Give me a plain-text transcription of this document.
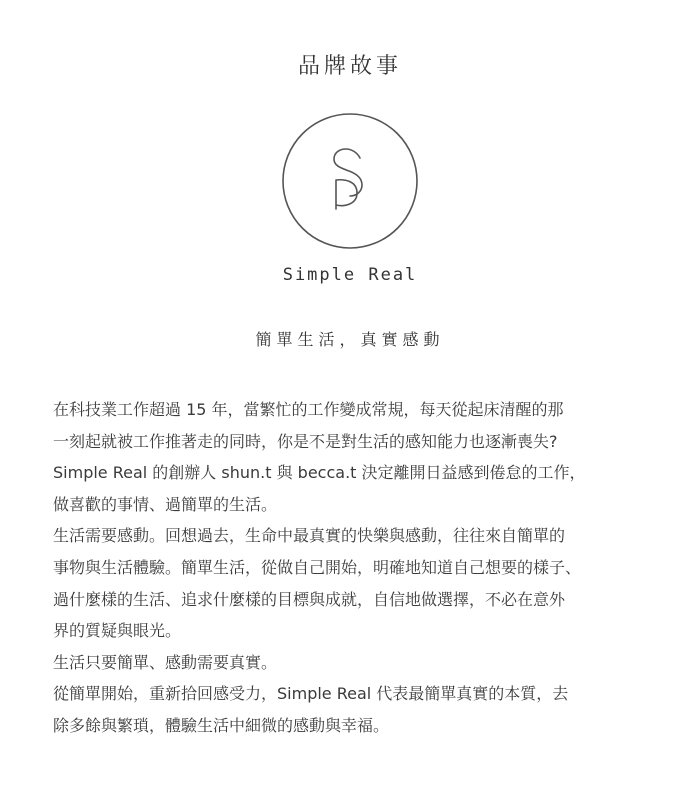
品牌故事
Simple Real
簡單生活，真實感動
在科技業工作超過 15 年，當繁忙的工作變成常規，每天從起床清醒的那
一刻起就被工作推著走的同時，你是不是對生活的感知能力也逐漸喪失?
Simple Real 的創辦人 shun.t 與 becca.t 決定離開日益感到倦怠的工作，
做喜歡的事情、過簡單的生活。
生活需要感動。回想過去，生命中最真實的快樂與感動，往往來自簡單的
事物與生活體驗。簡單生活，從做自己開始，明確地知道自己想要的樣子、
過什麼樣的生活、追求什麼樣的目標與成就，自信地做選擇，不必在意外
界的質疑與眼光。
生活只要簡單、感動需要真實。
從簡單開始，重新拾回感受力，Simple Real 代表最簡單真實的本質，去
除多餘與繁瑣，體驗生活中細微的感動與幸福。
